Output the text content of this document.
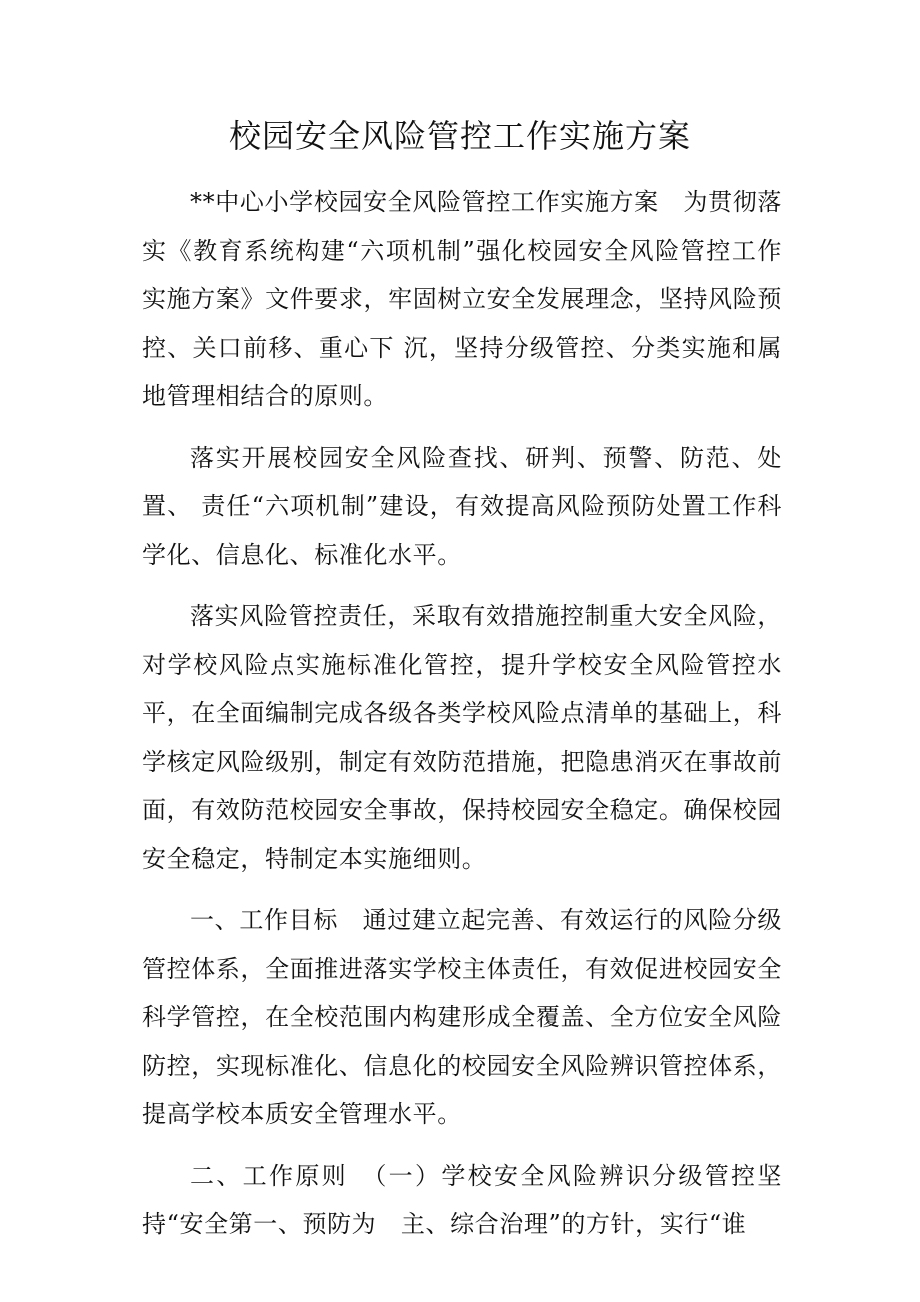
校园安全风险管控工作实施方案

**中心小学校园安全风险管控工作实施方案　为贯彻落实《教育系统构建“六项机制”强化校园安全风险管控工作实施方案》文件要求，牢固树立安全发展理念，坚持风险预控、关口前移、重心下 沉，坚持分级管控、分类实施和属地管理相结合的原则。

落实开展校园安全风险查找、研判、预警、防范、处置、 责任“六项机制”建设，有效提高风险预防处置工作科学化、信息化、标准化水平。

落实风险管控责任，采取有效措施控制重大安全风险，对学校风险点实施标准化管控，提升学校安全风险管控水平，在全面编制完成各级各类学校风险点清单的基础上，科学核定风险级别，制定有效防范措施，把隐患消灭在事故前面，有效防范校园安全事故，保持校园安全稳定。确保校园安全稳定，特制定本实施细则。

一、工作目标　通过建立起完善、有效运行的风险分级管控体系，全面推进落实学校主体责任，有效促进校园安全科学管控，在全校范围内构建形成全覆盖、全方位安全风险防控，实现标准化、信息化的校园安全风险辨识管控体系，提高学校本质安全管理水平。

二、工作原则　（一）学校安全风险辨识分级管控坚持“安全第一、预防为　主、综合治理”的方针，实行“谁
